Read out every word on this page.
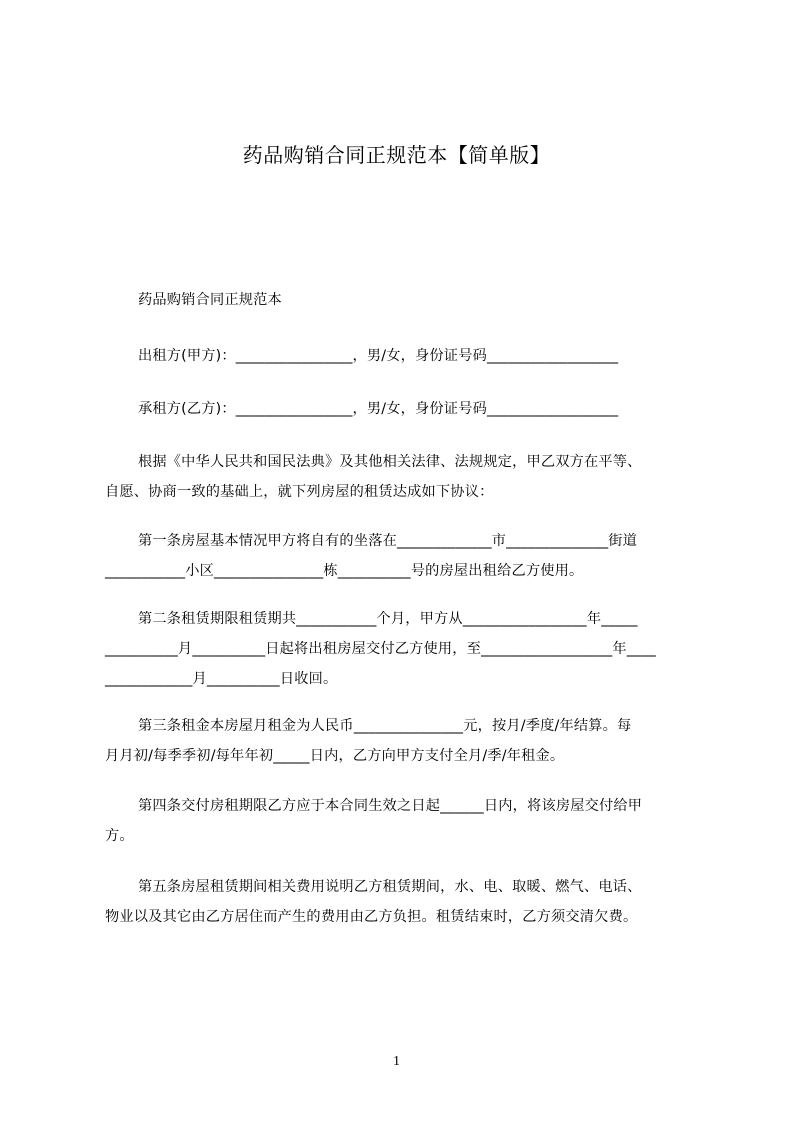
药品购销合同正规范本【简单版】
药品购销合同正规范本
出租方(甲方)：________________，男/女，身份证号码__________________
承租方(乙方)：________________，男/女，身份证号码__________________
根据《中华人民共和国民法典》及其他相关法律、法规规定，甲乙双方在平等、
自愿、协商一致的基础上，就下列房屋的租赁达成如下协议：
第一条房屋基本情况甲方将自有的坐落在_____________市______________街道
___________小区_______________栋__________号的房屋出租给乙方使用。
第二条租赁期限租赁期共___________个月，甲方从_________________年_____
__________月__________日起将出租房屋交付乙方使用，至__________________年____
____________月__________日收回。
第三条租金本房屋月租金为人民币_______________元，按月/季度/年结算。每
月月初/每季季初/每年年初_____日内，乙方向甲方支付全月/季/年租金。
第四条交付房租期限乙方应于本合同生效之日起______日内，将该房屋交付给甲
方。
第五条房屋租赁期间相关费用说明乙方租赁期间，水、电、取暖、燃气、电话、
物业以及其它由乙方居住而产生的费用由乙方负担。租赁结束时，乙方须交清欠费。
1
